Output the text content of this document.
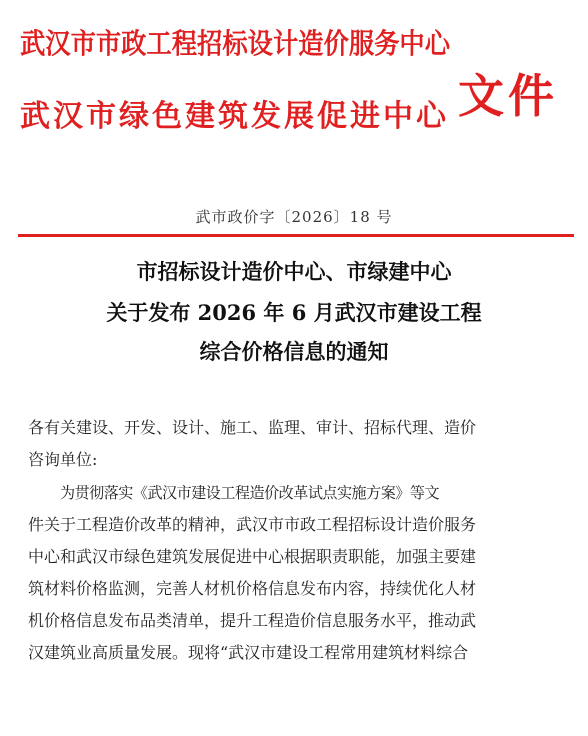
武汉市市政工程招标设计造价服务中心
武汉市绿色建筑发展促进中心 文件
武市政价字〔2026〕18 号
市招标设计造价中心、市绿建中心
关于发布 2026 年 6 月武汉市建设工程
综合价格信息的通知
各有关建设、开发、设计、施工、监理、审计、招标代理、造价
咨询单位:
为贯彻落实《武汉市建设工程造价改革试点实施方案》等文
件关于工程造价改革的精神，武汉市市政工程招标设计造价服务
中心和武汉市绿色建筑发展促进中心根据职责职能，加强主要建
筑材料价格监测，完善人材机价格信息发布内容，持续优化人材
机价格信息发布品类清单，提升工程造价信息服务水平，推动武
汉建筑业高质量发展。现将“武汉市建设工程常用建筑材料综合
